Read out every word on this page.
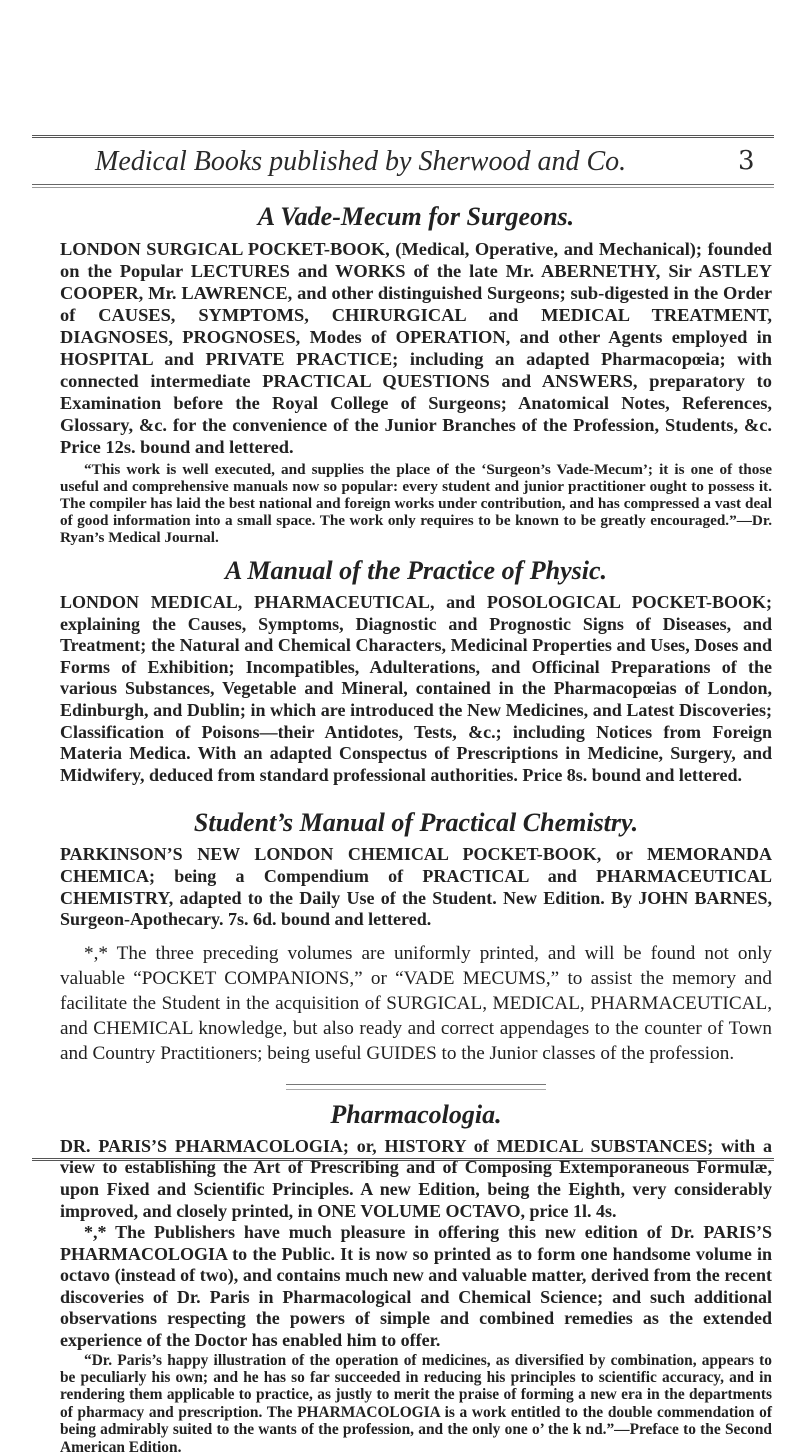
Medical Books published by Sherwood and Co.	3
A Vade-Mecum for Surgeons.

LONDON SURGICAL POCKET-BOOK, (Medical, Operative, and Mechanical); founded on the Popular LECTURES and WORKS of the late Mr. ABERNETHY, Sir ASTLEY COOPER, Mr. LAWRENCE, and other distinguished Surgeons; sub-digested in the Order of CAUSES, SYMPTOMS, CHIRURGICAL and MEDICAL TREATMENT, DIAGNOSES, PROGNOSES, Modes of OPERATION, and other Agents employed in HOSPITAL and PRIVATE PRACTICE; including an adapted Pharmacopœia; with connected intermediate PRACTICAL QUESTIONS and ANSWERS, preparatory to Examination before the Royal College of Surgeons; Anatomical Notes, References, Glossary, &c. for the convenience of the Junior Branches of the Profession, Students, &c. Price 12s. bound and lettered.

“This work is well executed, and supplies the place of the ‘Surgeon’s Vade-Mecum’; it is one of those useful and comprehensive manuals now so popular: every student and junior practitioner ought to possess it. The compiler has laid the best national and foreign works under contribution, and has compressed a vast deal of good information into a small space. The work only requires to be known to be greatly encouraged.”—Dr. Ryan’s Medical Journal.

A Manual of the Practice of Physic.

LONDON MEDICAL, PHARMACEUTICAL, and POSOLOGICAL POCKET-BOOK; explaining the Causes, Symptoms, Diagnostic and Prognostic Signs of Diseases, and Treatment; the Natural and Chemical Characters, Medicinal Properties and Uses, Doses and Forms of Exhibition; Incompatibles, Adulterations, and Officinal Preparations of the various Substances, Vegetable and Mineral, contained in the Pharmacopœias of London, Edinburgh, and Dublin; in which are introduced the New Medicines, and Latest Discoveries; Classification of Poisons—their Antidotes, Tests, &c.; including Notices from Foreign Materia Medica. With an adapted Conspectus of Prescriptions in Medicine, Surgery, and Midwifery, deduced from standard professional authorities. Price 8s. bound and lettered.

Student’s Manual of Practical Chemistry.

PARKINSON’S NEW LONDON CHEMICAL POCKET-BOOK, or MEMORANDA CHEMICA; being a Compendium of PRACTICAL and PHARMACEUTICAL CHEMISTRY, adapted to the Daily Use of the Student. New Edition. By JOHN BARNES, Surgeon-Apothecary. 7s. 6d. bound and lettered.

*,* The three preceding volumes are uniformly printed, and will be found not only valuable “POCKET COMPANIONS,” or “VADE MECUMS,” to assist the memory and facilitate the Student in the acquisition of SURGICAL, MEDICAL, PHARMACEUTICAL, and CHEMICAL knowledge, but also ready and correct appendages to the counter of Town and Country Practitioners; being useful GUIDES to the Junior classes of the profession.

Pharmacologia.

DR. PARIS’S PHARMACOLOGIA; or, HISTORY of MEDICAL SUBSTANCES; with a view to establishing the Art of Prescribing and of Composing Extemporaneous Formulæ, upon Fixed and Scientific Principles. A new Edition, being the Eighth, very considerably improved, and closely printed, in ONE VOLUME OCTAVO, price 1l. 4s.

*,* The Publishers have much pleasure in offering this new edition of Dr. PARIS’S PHARMACOLOGIA to the Public. It is now so printed as to form one handsome volume in octavo (instead of two), and contains much new and valuable matter, derived from the recent discoveries of Dr. Paris in Pharmacological and Chemical Science; and such additional observations respecting the powers of simple and combined remedies as the extended experience of the Doctor has enabled him to offer.

“Dr. Paris’s happy illustration of the operation of medicines, as diversified by combination, appears to be peculiarly his own; and he has so far succeeded in reducing his principles to scientific accuracy, and in rendering them applicable to practice, as justly to merit the praise of forming a new era in the departments of pharmacy and prescription. The PHARMACOLOGIA is a work entitled to the double commendation of being admirably suited to the wants of the profession, and the only one o’ the k nd.”—Preface to the Second American Edition.
